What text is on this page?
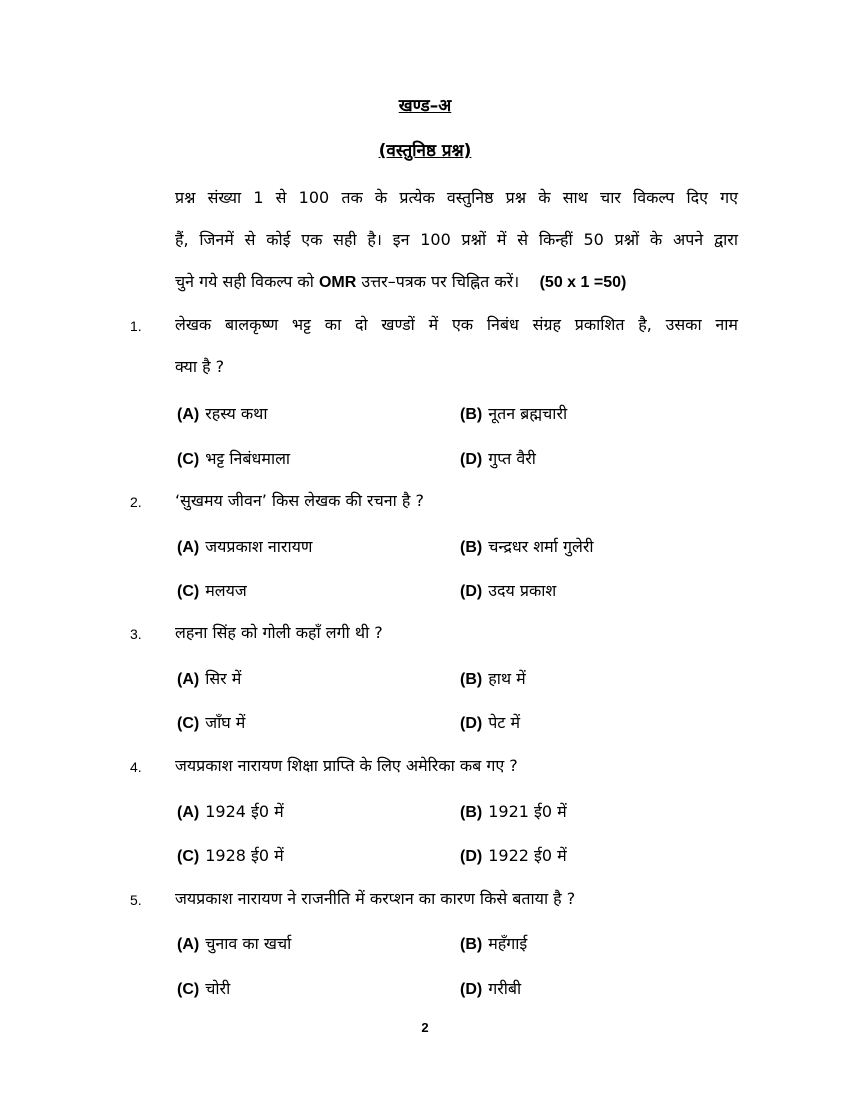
खण्ड–अ
(वस्तुनिष्ठ प्रश्न)
प्रश्न संख्या 1 से 100 तक के प्रत्येक वस्तुनिष्ठ प्रश्न के साथ चार विकल्प दिए गए
हैं, जिनमें से कोई एक सही है। इन 100 प्रश्नों में से किन्हीं 50 प्रश्नों के अपने द्वारा
चुने गये सही विकल्प को OMR उत्तर–पत्रक पर चिह्नित करें। (50 x 1 =50)
1. लेखक बालकृष्ण भट्ट का दो खण्डों में एक निबंध संग्रह प्रकाशित है, उसका नाम
क्या है ?
(A) रहस्य कथा	(B) नूतन ब्रह्मचारी
(C) भट्ट निबंधमाला	(D) गुप्त वैरी
2. ‘सुखमय जीवन’ किस लेखक की रचना है ?
(A) जयप्रकाश नारायण	(B) चन्द्रधर शर्मा गुलेरी
(C) मलयज	(D) उदय प्रकाश
3. लहना सिंह को गोली कहाँ लगी थी ?
(A) सिर में	(B) हाथ में
(C) जाँघ में	(D) पेट में
4. जयप्रकाश नारायण शिक्षा प्राप्ति के लिए अमेरिका कब गए ?
(A) 1924 ई0 में	(B) 1921 ई0 में
(C) 1928 ई0 में	(D) 1922 ई0 में
5. जयप्रकाश नारायण ने राजनीति में करप्शन का कारण किसे बताया है ?
(A) चुनाव का खर्चा	(B) महँगाई
(C) चोरी	(D) गरीबी
2
